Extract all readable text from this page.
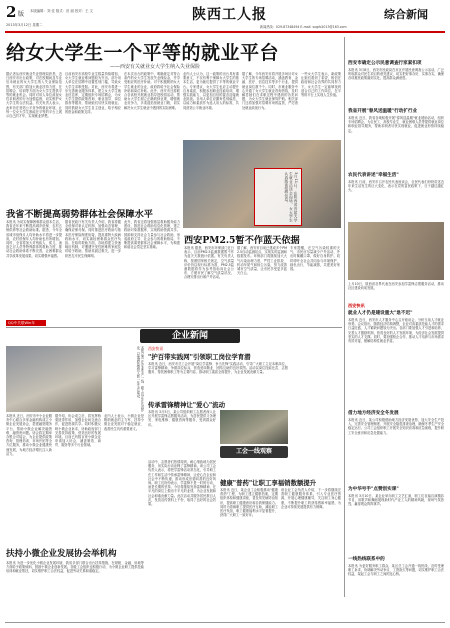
2 版 本版编辑：刘 佳 版式：田 丽 校对：王 文
2013年3月12日 星期二
陕西工人报	综合新闻
新闻热线：029-87348494 E-mail: sxgrb2013@163.com
给女大学生一个平等的就业平台
——西安有关就业女大学生纳入失业保险
据记者从西安就业失业管理局获悉，近日西安市出台政策，对在校期间及毕业后未就业的女大学生纳入失业保险范围，有关部门将加大就业扶持力度，在招聘会、培训等方面为女大学生提供平等的就业机会。同时对用人单位歧视女性求职者的行为加强监督，切实维护女大学生的合法权益。有关负责人表示，此举旨在营造公平竞争的就业环境，让每一位女大学生都能在平等的平台上展示自己的才华，实现就业梦想。
目前西安市高校毕业生数量持续增加，女大学生就业难问题较为突出。部分用人单位在招聘中设置性别门槛，导致女大学生求职受阻。对此，西安市将进一步完善就业服务体系，建立女大学生就业信息库，定期组织专场招聘会，为女大学生提供政策咨询、职业指导、岗位推荐等服务，帮助她们尽快实现就业。同时鼓励女大学生自主创业，给予相应的资金和政策支持。
在本次出台的政策中，明确规定对符合条件的女大学生发放失业保险金，并享受相应的医疗补助。对于积极吸纳女大学生就业的企业，政府将给予社会保险补贴和岗位补贴。此外，西安市还将联合各高校开展就业指导进校园活动，帮助女大学生树立正确的择业观，增强就业竞争力，多渠道拓宽就业门路，切实解决女大学生就业中遇到的实际困难。
业内人士认为，这一政策的出台具有重要意义，不仅有利于保障女大学生的基本生活，更为她们提供了平等的就业平台。专家建议，女大学生也应主动提升自身素质，积极参加职业技能培训，增强实践能力，以更加自信的姿态迎接就业挑战。各用人单位应摒弃性别偏见，以能力和素质作为选人用人的标准，共同营造公平就业环境。
据了解，今年西安市将开展多场针对女大学生的专场招聘活动，涵盖教育、金融、医疗、信息技术等多个行业，提供就业岗位数千个。同时，市就业服务中心开通了女大学生就业咨询热线，及时解答她们在求职过程中遇到的各类问题，为女大学生就业保驾护航。相关部门还将加强对招聘市场的监管，严厉查处就业歧视行为。
一些女大学生表示，新政策让她们看到了希望，相信在政府和社会各界的共同努力下，女大学生一定能够找到适合自己的工作岗位，在平等的平台上实现人生价值。
3月11日，在陕西省首届大学生就业洽谈会现场，女大学生认真阅读招聘信息。
我省不断提高弱势群体社会保障水平
本报讯 为切实保障困难群众基本生活，我省近年来不断提高城乡低保、农村五保供养等社会救助标准。据悉，今年全省城市低保月人均补助水平将进一步提高，农村低保年人均补助也有所增加。同时，全省将加大对残疾人、孤儿、流浪乞讨人员等特殊群体的救助力度，推动社会救助体系不断完善，让困难群众共享改革发展成果，切实增强幸福感。
据省民政厅有关负责人介绍，我省将健全低保对象认定机制，加强动态管理，确保应保尽保。同时推进医疗救助与基本医疗保险制度衔接，提高重特大疾病救助水平，切实减轻困难群众医疗负担。在临时救助方面，各地将建立快速响应机制，对遭遇突发性困难的家庭及时给予救助，帮助其渡过难关，进一步织密扎牢民生保障网。
此外，我省还将加强基层救助服务能力建设，推进社会救助信息化管理，建立救助对象数据库，实现救助资源共享。鼓励和支持社会力量参与社会救助，形成政府主导、社会参与的救助格局，不断提高弱势群体社会保障水平，为构建和谐社会奠定坚实基础。
西安PM2.5暂不作蓝天依据
本报讯 据悉，西安市环保部门近日表示，目前PM2.5监测数据暂不作为蓝天天数统计依据。有关负责人称，按照国家相关规定，空气质量评价仍以现行标准为准，PM2.5监测数据将作为参考指标向社会公布，方便市民了解空气质量状况，合理安排出行和户外活动。
据了解，西安市目前已建成多个PM2.5自动监测站点，实现实时监测和数据发布。环保部门将继续加大大气污染治理力度，严控工业排放、机动车尾气和扬尘污染，努力改善城市空气质量，让市民享受更多蓝天白云。
专家提醒，在空气污染较重的天气，市民应尽量减少户外活动，外出时佩戴口罩，做好自身防护。同时呼吁全社会共同参与环境保护，绿色出行，节能减排，共建美好家园。
QQ中关联Win年
企业新闻
本报记者 在企业生产一线，职工们正在认真作业，以饱满热情投入新一年生产建设。
本报讯 近日，西安市中小企业服务中心联合多家金融机构成立小微企业发展协会，搭建融资服务平台，帮助小微企业解决融资难、融资贵问题。协会将定期举办银企对接会，为企业提供政策咨询、管理培训、市场开拓等全方位服务，推动小微企业健康快速发展，为地方经济增长注入新活力。
据介绍，协会成立后，将发挥桥梁纽带作用，加强企业间交流合作，促进资源共享。同时积极反映小微企业诉求，协助政府部门完善扶持政策，营造良好的发展环境。目前已有数百家小微企业申请加入协会，涵盖制造、商贸、服务等多个行业领域。
业内人士表示，小微企业是吸纳就业的主力军，扶持小微企业发展对于稳定就业、改善民生具有重要意义。
扶持小微企业发展协会举机构
本报讯 为进一步优化小微企业发展环境，我省多部门联合出台扶持措施，在财税、金融、用地等方面给予政策倾斜，鼓励小微企业创新发展。各级工会组织也积极行动，为小微企业职工提供技能培训和就业帮扶，切实维护职工合法权益，促进劳动关系和谐稳定。
西安快讯
"护百带实践网"引领职工岗位学育潜
本报讯 近日，西安市总工会开展"岗位学雷锋、争当先锋"实践活动，引导广大职工立足本职岗位，学习雷锋精神，争做岗位标兵，营造爱岗敬业、团结互助的良好氛围。活动以岗位技能比武、志愿服务、帮扶困难职工等为主要内容，推动职工素质全面提升，为企业发展贡献力量。
传承雷锋精神让"爱心"流动
本报讯 3月5日，某公司组织职工志愿者深入社区开展学雷锋志愿服务活动，为居民提供义务理发、家电维修、健康咨询等服务，受到群众好评。
工会一线观察
活动中，志愿者们热情周到，耐心细致地为居民服务，用实际行动诠释了雷锋精神。该公司工会负责人表示，将把学雷锋活动常态化，引导职工在工作和生活中传承雷锋精神，让爱心在企业和社会中不断传递，推动形成崇德向善的良好风尚。职工们纷纷表示，学雷锋不是一时的行动，而是长期的坚持。今后将继续发扬雷锋精神，在平凡的岗位上做出不平凡的业绩，为企业发展和社会和谐贡献力量。此次活动共服务居民数百人次，发放宣传资料上千份，取得了良好的社会效果。
健康"普药"让职工享福销数额提升
本报讯 近日，某企业工会积极推动"健康普药"工程，为职工建立健康档案，定期组织体检和健康讲座，普及常见病防治知识，提高职工健康意识和自我保健能力。同时为患病职工提供医疗互助，减轻职工医疗负担，职工健康福利水平显著提升，获得广大职工一致好评。
该企业工会负责人介绍，下一步将继续完善职工健康服务体系，引入专业医疗资源，开展心理健康辅导，关注职工身心健康，不断提升职工的获得感和幸福感，为企业可持续发展提供有力保障。
西安市确定公示民意调查行家紧扣项
本报讯 3月8日，西安市民政局在市区开展民意调查公示活动，广泛听取群众对民生项目的意见建议，切实把好事办好、实事办实，确保各项惠民政策落到实处，提高群众满意度。
我省开展"春风送温暖"行动扩行业
本报讯 近日，我省各地积极开展"春风送温暖"就业援助活动，组织专场招聘会，为农民工、高校毕业生、就业困难人员等提供就业岗位和职业指导服务，帮助求职者尽快实现就业，促进就业形势持续稳定。
农民代表讲述"幸福生活"
本报讯 日前，西安市召开农民代表座谈会，农民代表们纷纷讲述近年来生活发生的巨大变化，表示在党的富民政策下，日子越过越红火。
上月10日，陕西省各界代表在西安参加学雷锋志愿服务活动，推动社区建设向前发展。
西安快讯
就业人才仍是建设重大"急不迟"
本报讯 近日，西安市人才服务中心召开座谈会，分析当前人才就业形势。会议指出，随着经济结构调整，企业对高素质技能人才的需求日益旺盛，人才紧缺问题较为突出。各部门要加强人才引进和培养，完善人才激励机制，营造良好的人才发展环境，为经济社会发展提供坚实的人才支撑。同时，要加强校企合作，推动人才培养与市场需求有效对接，缓解结构性就业矛盾。
借力地方经济安全冬发展
本报讯 近日，某公司积极借助地方经济发展优势，加大安全生产投入，完善安全管理制度，开展安全隐患排查治理，确保冬季生产安全稳定运行。公司工会组织职工开展安全知识竞赛和应急演练，提升职工安全意识和应急处置能力。
为中华号手"点赞创实课"
本报讯 3月10日，某企业举办职工文艺汇演，职工们自编自演精彩节目，用歌声和舞蹈展现新时代产业工人的精神风貌，现场气氛热烈，赢得观众阵阵掌声。
一线热线联系中的
本报讯 为更好服务职工群众，某区总工会开通一线热线，及时受理职工诉求，协调解决劳动争议、工资拖欠等问题，切实维护职工合法权益，架起工会与职工之间的连心桥。
